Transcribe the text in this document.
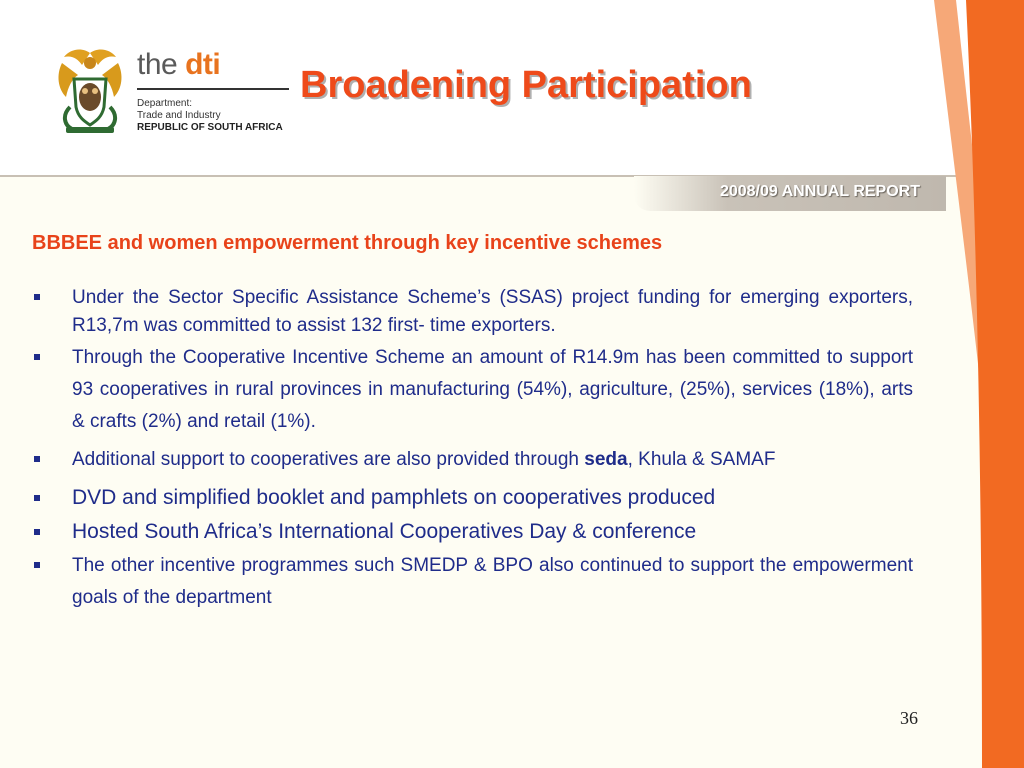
the dti
Department:
Trade and Industry
REPUBLIC OF SOUTH AFRICA
Broadening Participation
2008/09 ANNUAL REPORT
BBBEE and women empowerment through key incentive schemes
Under the Sector Specific Assistance Scheme’s (SSAS) project funding for emerging exporters, R13,7m was committed to assist 132 first- time exporters.
Through the Cooperative Incentive Scheme an amount of R14.9m has been committed to support 93 cooperatives in rural provinces in manufacturing (54%), agriculture, (25%), services (18%), arts & crafts (2%) and retail (1%).
Additional support to cooperatives are also provided through seda, Khula & SAMAF
DVD and simplified booklet and pamphlets on cooperatives produced
Hosted South Africa’s International Cooperatives Day & conference
The other incentive programmes such SMEDP & BPO also continued to support the empowerment goals of the department
36
